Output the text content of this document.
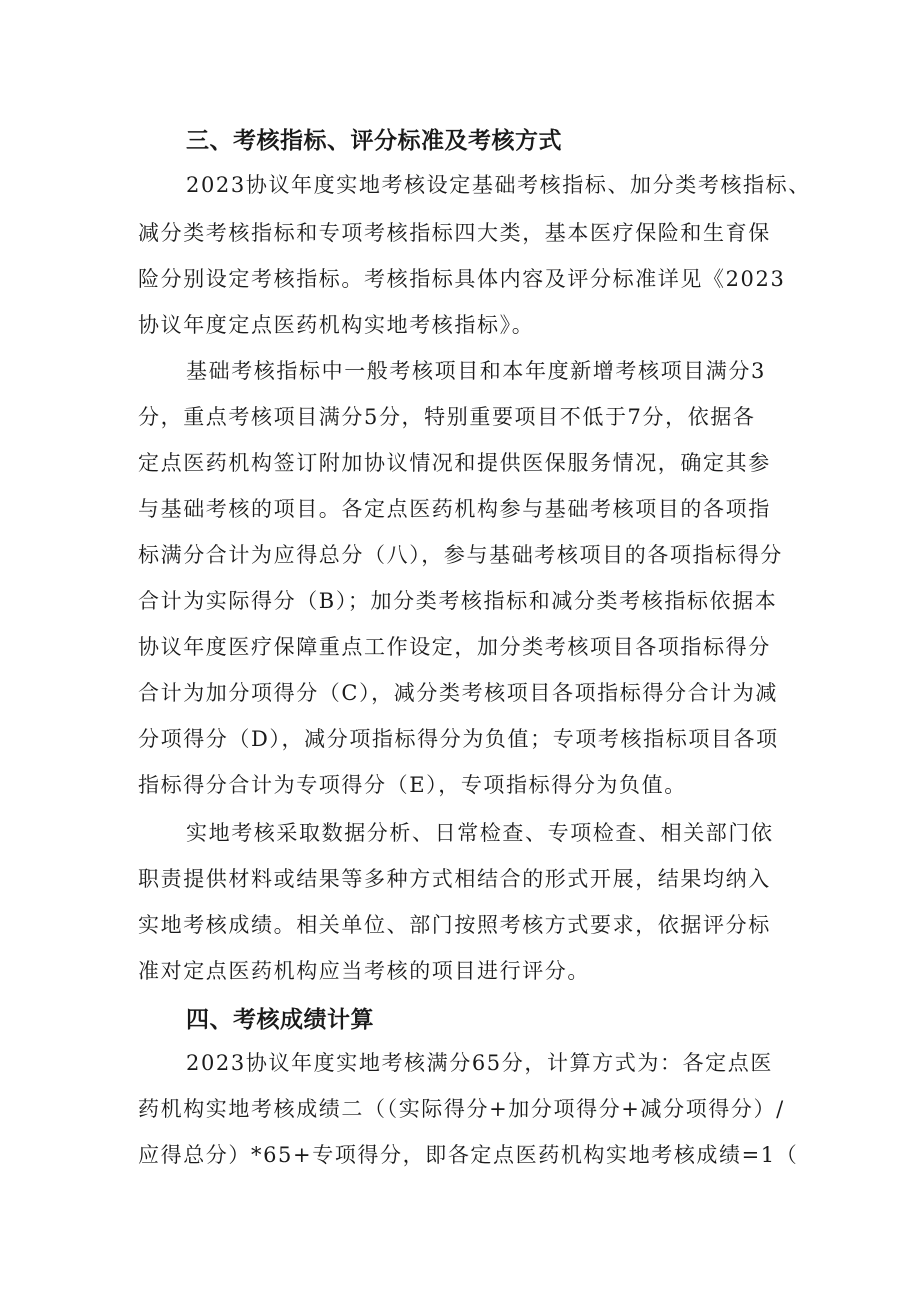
三、考核指标、评分标准及考核方式
2023协议年度实地考核设定基础考核指标、加分类考核指标、
减分类考核指标和专项考核指标四大类，基本医疗保险和生育保
险分别设定考核指标。考核指标具体内容及评分标准详见《2023
协议年度定点医药机构实地考核指标》。
基础考核指标中一般考核项目和本年度新增考核项目满分3
分，重点考核项目满分5分，特别重要项目不低于7分，依据各
定点医药机构签订附加协议情况和提供医保服务情况，确定其参
与基础考核的项目。各定点医药机构参与基础考核项目的各项指
标满分合计为应得总分（八），参与基础考核项目的各项指标得分
合计为实际得分（B）；加分类考核指标和减分类考核指标依据本
协议年度医疗保障重点工作设定，加分类考核项目各项指标得分
合计为加分项得分（C），减分类考核项目各项指标得分合计为减
分项得分（D），减分项指标得分为负值；专项考核指标项目各项
指标得分合计为专项得分（E），专项指标得分为负值。
实地考核采取数据分析、日常检查、专项检查、相关部门依
职责提供材料或结果等多种方式相结合的形式开展，结果均纳入
实地考核成绩。相关单位、部门按照考核方式要求，依据评分标
准对定点医药机构应当考核的项目进行评分。
四、考核成绩计算
2023协议年度实地考核满分65分，计算方式为：各定点医
药机构实地考核成绩二（（实际得分+加分项得分+减分项得分）/
应得总分）*65+专项得分，即各定点医药机构实地考核成绩=1（
